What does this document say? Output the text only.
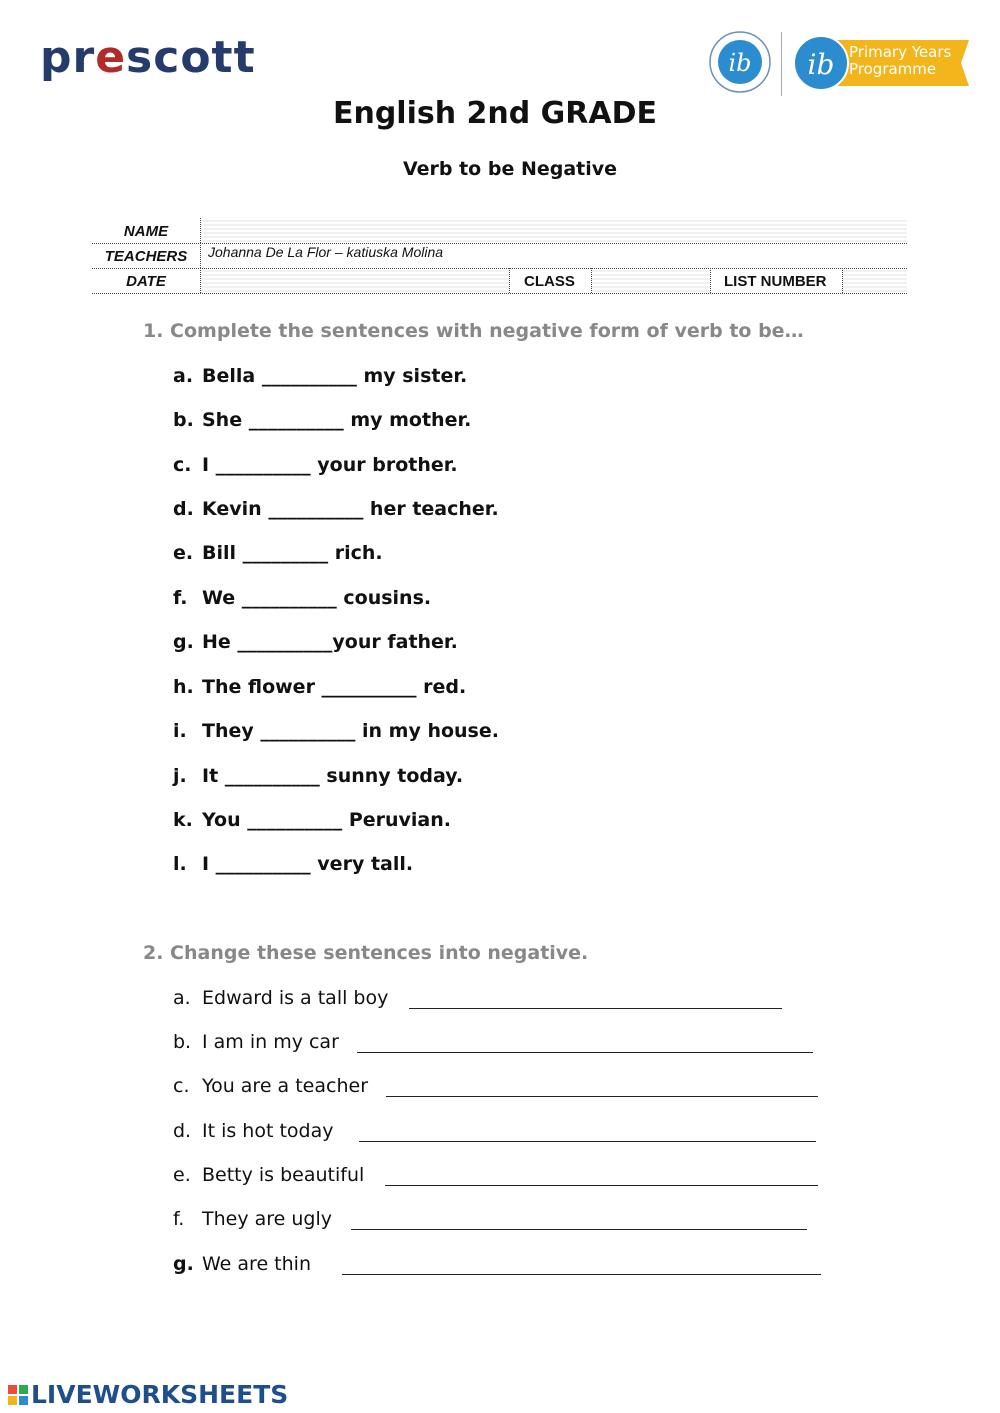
prescott	ib ib Primary Years
Programme
English 2nd GRADE
Verb to be Negative
NAME
TEACHERS	Johanna De La Flor – katiuska Molina
DATE	CLASS	LIST NUMBER
1. Complete the sentences with negative form of verb to be…
a. Bella __________ my sister.
b. She __________ my mother.
c. I __________ your brother.
d. Kevin __________ her teacher.
e. Bill _________ rich.
f. We __________ cousins.
g. He __________your father.
h. The flower __________ red.
i. They __________ in my house.
j. It __________ sunny today.
k. You __________ Peruvian.
l. I __________ very tall.
2. Change these sentences into negative.
a. Edward is a tall boy
b. I am in my car
c. You are a teacher
d. It is hot today
e. Betty is beautiful
f. They are ugly
g. We are thin
LIVEWORKSHEETS
